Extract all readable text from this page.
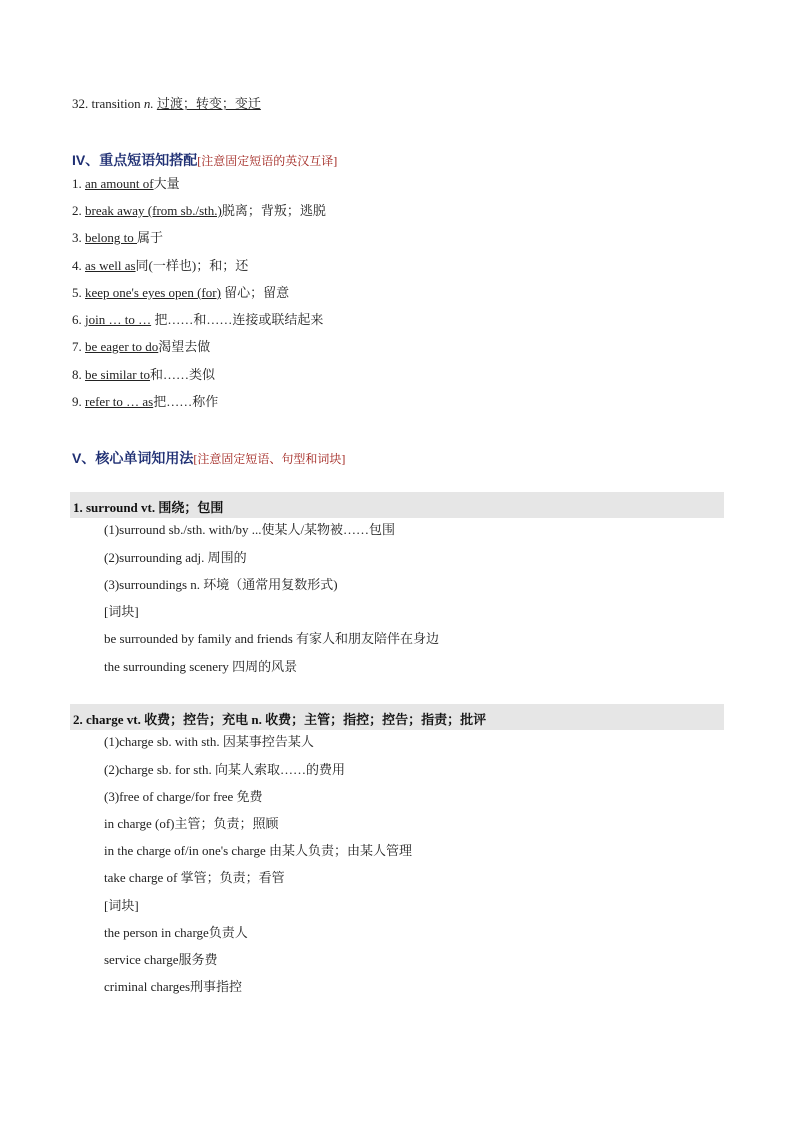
32. transition n. 过渡；转变；变迁
IV、重点短语知搭配[注意固定短语的英汉互译]
1. an amount of大量
2. break away (from sb./sth.)脱离；背叛；逃脱
3. belong to 属于
4. as well as同(一样也)；和；还
5. keep one's eyes open (for) 留心；留意
6. join … to … 把……和……连接或联结起来
7. be eager to do渴望去做
8. be similar to和……类似
9. refer to … as把……称作
V、核心单词知用法[注意固定短语、句型和词块]
1. surround vt. 围绕；包围
(1)surround sb./sth. with/by ...使某人/某物被……包围
(2)surrounding adj. 周围的
(3)surroundings n. 环境（通常用复数形式)
[词块]
be surrounded by family and friends 有家人和朋友陪伴在身边
the surrounding scenery 四周的风景
2. charge vt. 收费；控告；充电 n. 收费；主管；指控；控告；指责；批评
(1)charge sb. with sth. 因某事控告某人
(2)charge sb. for sth. 向某人索取……的费用
(3)free of charge/for free 免费
in charge (of)主管；负责；照顾
in the charge of/in one's charge 由某人负责；由某人管理
take charge of 掌管；负责；看管
[词块]
the person in charge负责人
service charge服务费
criminal charges刑事指控
